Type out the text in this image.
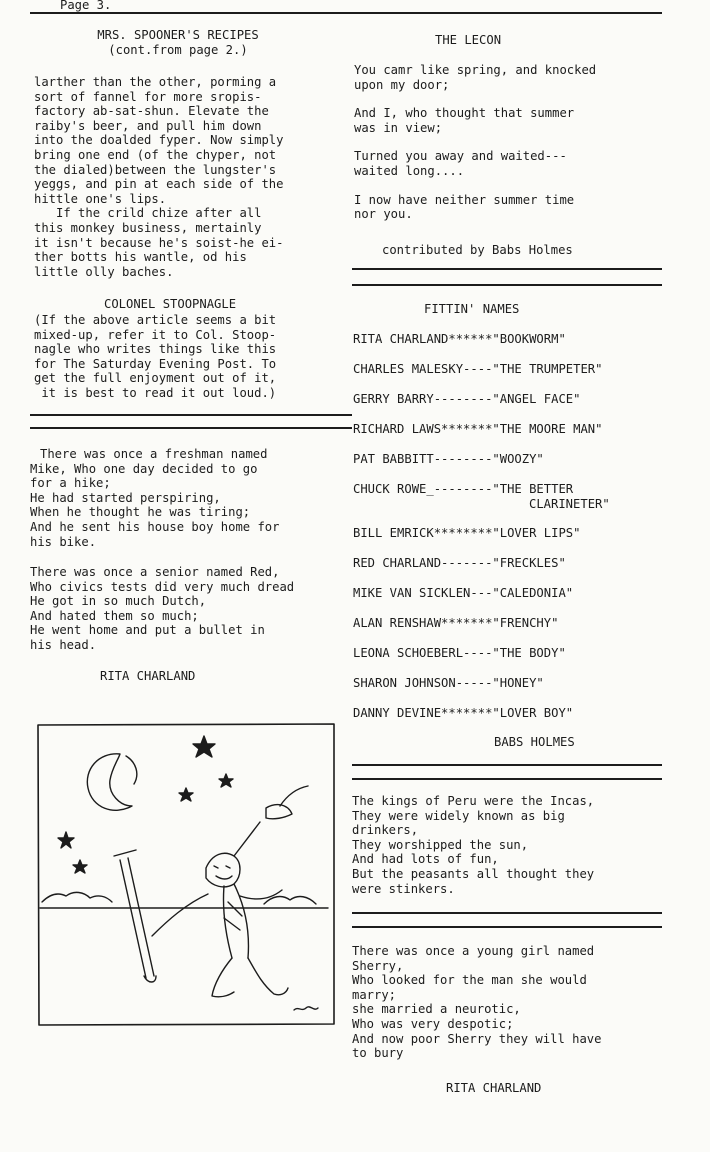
Page 3.
MRS. SPOONER'S RECIPES
(cont.from page 2.)
larther than the other, porming a
sort of fannel for more sropis-
factory ab-sat-shun. Elevate the
raiby's beer, and pull him down
into the doalded fyper. Now simply
bring one end (of the chyper, not
the dialed)between the lungster's
yeggs, and pin at each side of the
hittle one's lips.
If the crild chize after all
this monkey business, mertainly
it isn't because he's soist-he ei-
ther botts his wantle, od his
little olly baches.
COLONEL STOOPNAGLE
(If the above article seems a bit
mixed-up, refer it to Col. Stoop-
nagle who writes things like this
for The Saturday Evening Post. To
get the full enjoyment out of it,
it is best to read it out loud.)
There was once a freshman named
Mike, Who one day decided to go
for a hike;
He had started perspiring,
When he thought he was tiring;
And he sent his house boy home for
his bike.
There was once a senior named Red,
Who civics tests did very much dread
He got in so much Dutch,
And hated them so much;
He went home and put a bullet in
his head.
RITA CHARLAND
THE LECON
You camr like spring, and knocked
upon my door;
And I, who thought that summer
was in view;
Turned you away and waited---
waited long....
I now have neither summer time
nor you.
contributed by Babs Holmes
FITTIN' NAMES
RITA CHARLAND******"BOOKWORM"
CHARLES MALESKY----"THE TRUMPETER"
GERRY BARRY--------"ANGEL FACE"
RICHARD LAWS*******"THE MOORE MAN"
PAT BABBITT--------"WOOZY"
CHUCK ROWE_--------"THE BETTER
CLARINETER"
BILL EMRICK********"LOVER LIPS"
RED CHARLAND-------"FRECKLES"
MIKE VAN SICKLEN---"CALEDONIA"
ALAN RENSHAW*******"FRENCHY"
LEONA SCHOEBERL----"THE BODY"
SHARON JOHNSON-----"HONEY"
DANNY DEVINE*******"LOVER BOY"
BABS HOLMES
The kings of Peru were the Incas,
They were widely known as big
drinkers,
They worshipped the sun,
And had lots of fun,
But the peasants all thought they
were stinkers.
There was once a young girl named
Sherry,
Who looked for the man she would
marry;
she married a neurotic,
Who was very despotic;
And now poor Sherry they will have
to bury
RITA CHARLAND
